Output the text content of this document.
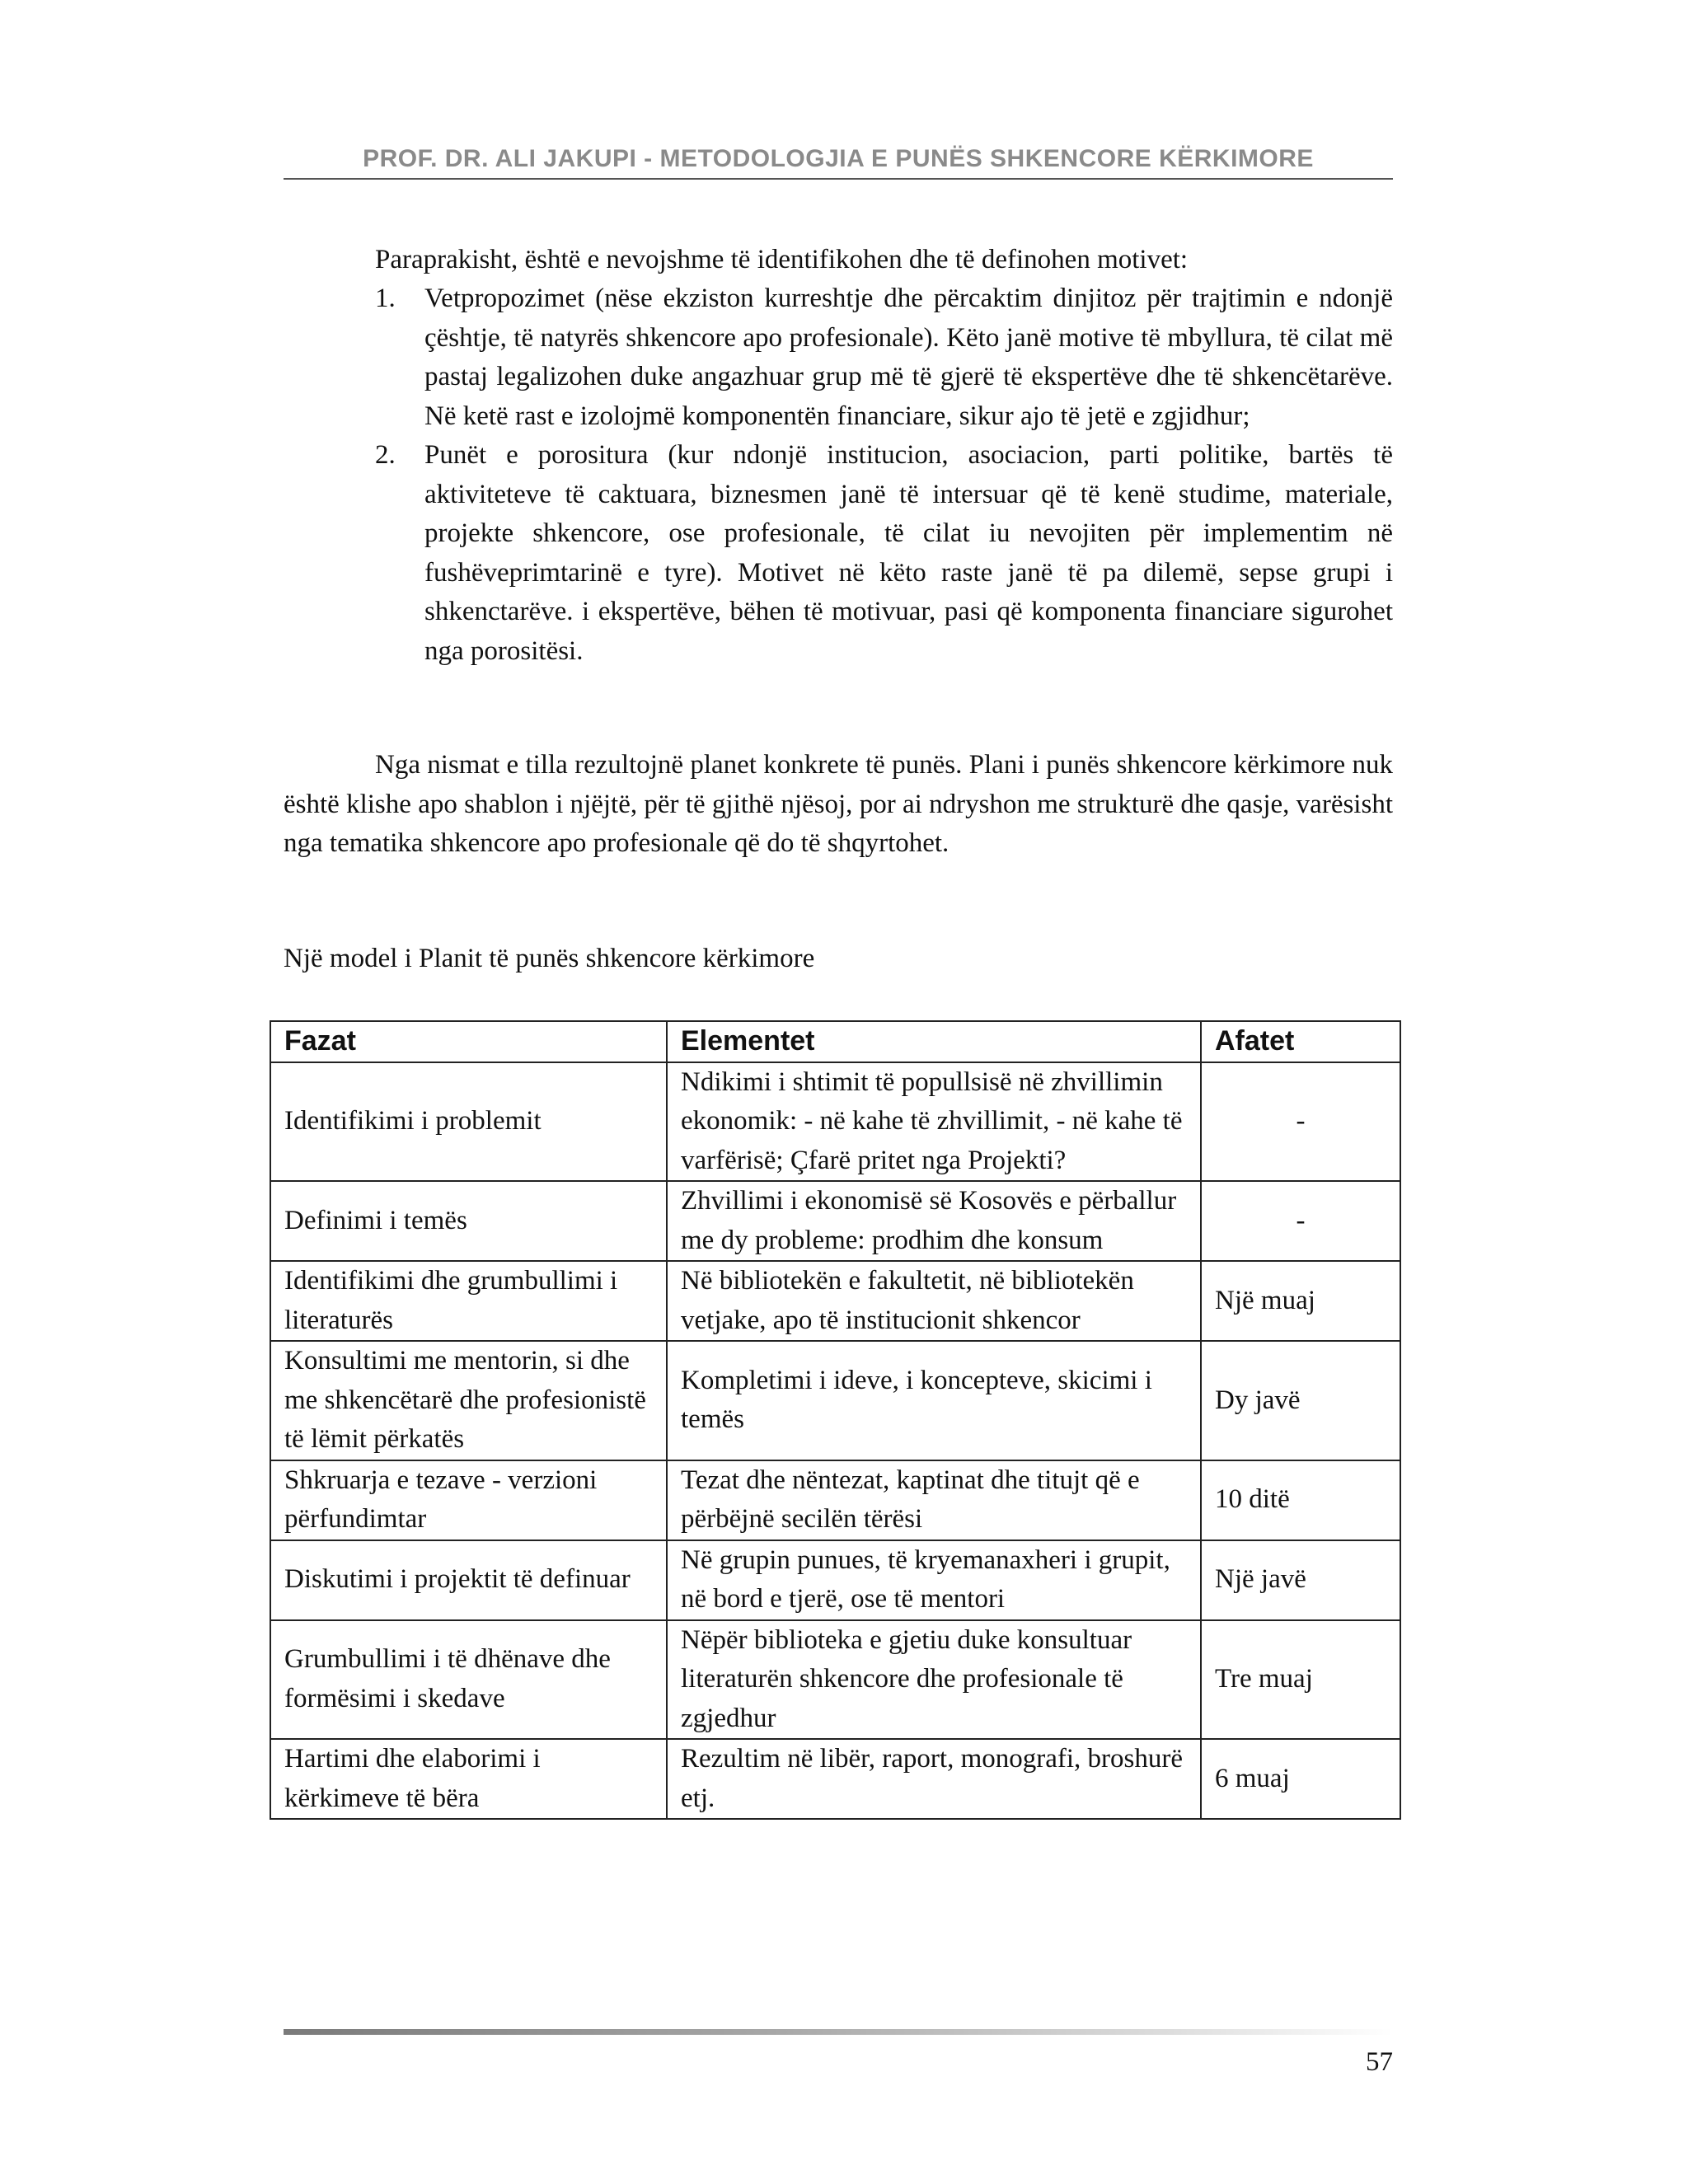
PROF. DR. ALI JAKUPI - METODOLOGJIA E PUNËS SHKENCORE KËRKIMORE
Paraprakisht, është e nevojshme të identifikohen dhe të definohen motivet:
1. Vetpropozimet (nëse ekziston kurreshtje dhe përcaktim dinjitoz për trajtimin e ndonjë çështje, të natyrës shkencore apo profesionale). Këto janë motive të mbyllura, të cilat më pastaj legalizohen duke angazhuar grup më të gjerë të ekspertëve dhe të shkencëtarëve. Në ketë rast e izolojmë komponentën financiare, sikur ajo të jetë e zgjidhur;
2. Punët e porositura (kur ndonjë institucion, asociacion, parti politike, bartës të aktiviteteve të caktuara, biznesmen janë të intersuar që të kenë studime, materiale, projekte shkencore, ose profesionale, të cilat iu nevojiten për implementim në fushëveprimtarinë e tyre). Motivet në këto raste janë të pa dilemë, sepse grupi i shkenctarëve. i ekspertëve, bëhen të motivuar, pasi që komponenta financiare sigurohet nga porositësi.
Nga nismat e tilla rezultojnë planet konkrete të punës. Plani i punës shkencore kërkimore nuk është klishe apo shablon i njëjtë, për të gjithë njësoj, por ai ndryshon me strukturë dhe qasje, varësisht nga tematika shkencore apo profesionale që do të shqyrtohet.
Një model i Planit të punës shkencore kërkimore
Fazat	Elementet	Afatet
Identifikimi i problemit	Ndikimi i shtimit të popullsisë në zhvillimin ekonomik: - në kahe të zhvillimit, - në kahe të varfërisë; Çfarë pritet nga Projekti?	-
Definimi i temës	Zhvillimi i ekonomisë së Kosovës e përballur me dy probleme: prodhim dhe konsum	-
Identifikimi dhe grumbullimi i literaturës	Në bibliotekën e fakultetit, në bibliotekën vetjake, apo të institucionit shkencor	Një muaj
Konsultimi me mentorin, si dhe me shkencëtarë dhe profesionistë të lëmit përkatës	Kompletimi i ideve, i koncepteve, skicimi i temës	Dy javë
Shkruarja e tezave - verzioni përfundimtar	Tezat dhe nëntezat, kaptinat dhe titujt që e përbëjnë secilën tërësi	10 ditë
Diskutimi i projektit të definuar	Në grupin punues, të kryemanaxheri i grupit, në bord e tjerë, ose të mentori	Një javë
Grumbullimi i të dhënave dhe formësimi i skedave	Nëpër biblioteka e gjetiu duke konsultuar literaturën shkencore dhe profesionale të zgjedhur	Tre muaj
Hartimi dhe elaborimi i kërkimeve të bëra	Rezultim në libër, raport, monografi, broshurë etj.	6 muaj
57
